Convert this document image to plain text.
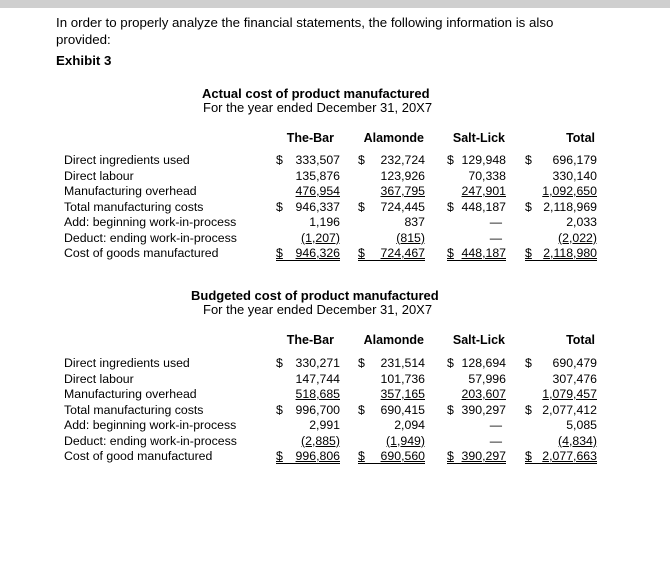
In order to properly analyze the financial statements, the following information is also provided:
Exhibit 3
Actual cost of product manufactured
For the year ended December 31, 20X7
The-Bar	Alamonde	Salt-Lick	Total
Direct ingredients used	$ 333,507 $ 232,724 $ 129,948 $ 696,179
Direct labour	135,876	123,926	70,338	330,140
Manufacturing overhead	476,954	367,795	247,901	1,092,650
Total manufacturing costs	$ 946,337 $ 724,445 $ 448,187 $ 2,118,969
Add: beginning work-in-process	1,196	837	—	2,033
Deduct: ending work-in-process	(1,207)	(815)	—	(2,022)
Cost of goods manufactured	$ 946,326 $ 724,467 $ 448,187 $ 2,118,980
Budgeted cost of product manufactured
For the year ended December 31, 20X7
The-Bar	Alamonde	Salt-Lick	Total
Direct ingredients used	$ 330,271 $ 231,514 $ 128,694 $ 690,479
Direct labour	147,744	101,736	57,996	307,476
Manufacturing overhead	518,685	357,165	203,607	1,079,457
Total manufacturing costs	$ 996,700 $ 690,415 $ 390,297 $ 2,077,412
Add: beginning work-in-process	2,991	2,094	—	5,085
Deduct: ending work-in-process	(2,885)	(1,949)	—	(4,834)
Cost of good manufactured	$ 996,806 $ 690,560 $ 390,297 $ 2,077,663
